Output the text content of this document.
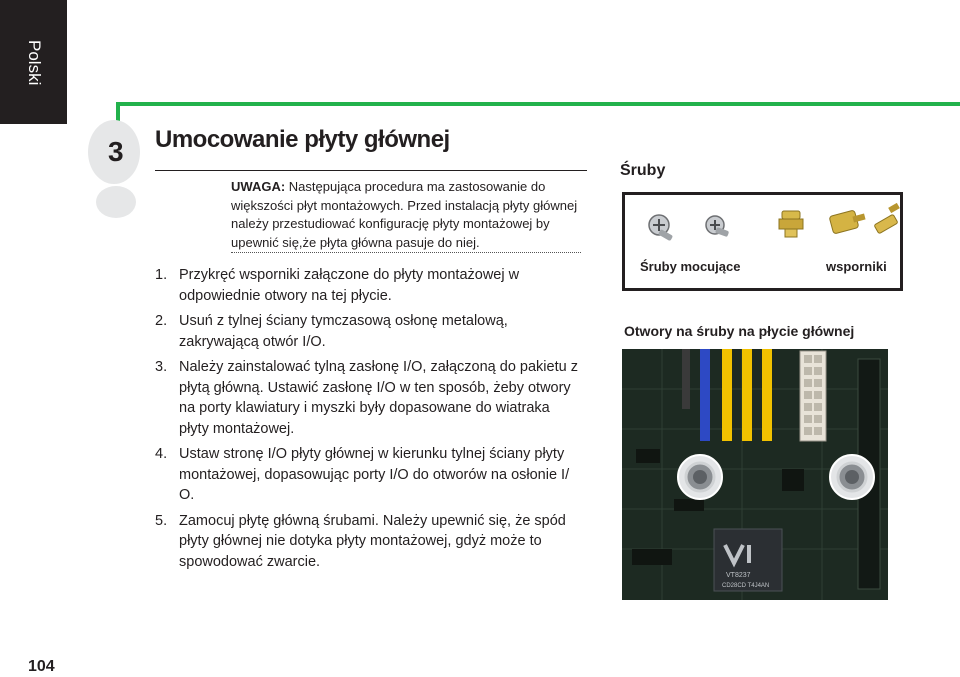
Polski
3 Umocowanie płyty głównej
UWAGA: Następująca procedura ma zastosowanie do większości płyt montażowych. Przed instalacją płyty głównej należy przestudiować konfigurację płyty montażowej by upewnić się,że płyta główna pasuje do niej.
1. Przykręć wsporniki załączone do płyty montażowej w odpowiednie otwory na tej płycie.
2. Usuń z tylnej ściany tymczasową osłonę metalową, zakrywającą otwór I/O.
3. Należy zainstalować tylną zasłonę I/O, załączoną do pakietu z płytą główną. Ustawić zasłonę I/O w ten sposób, żeby otwory na porty klawiatury i myszki były dopasowane do wiatraka płyty montażowej.
4. Ustaw stronę I/O płyty głównej w kierunku tylnej ściany płyty montażowej, dopasowując porty I/O do otworów na osłonie I/ O.
5. Zamocuj płytę główną śrubami. Należy upewnić się, że spód płyty głównej nie dotyka płyty montażowej, gdyż może to spowodować zwarcie.
Śruby
Śruby mocujące	wsporniki
Otwory na śruby na płycie głównej
VT8237
CD28CD T4J4AN
104
